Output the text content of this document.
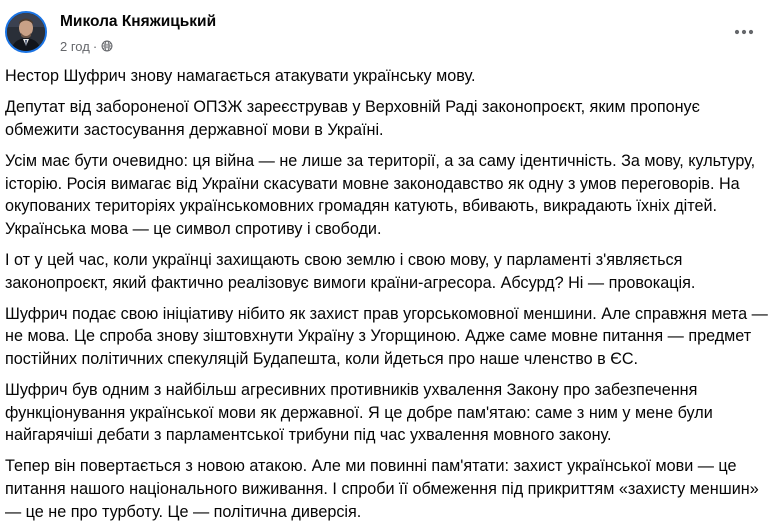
Микола Княжицький
2 год ·

Нестор Шуфрич знову намагається атакувати українську мову.

Депутат від забороненої ОПЗЖ зареєстрував у Верховній Раді законопроєкт, яким пропонує обмежити застосування державної мови в Україні.

Усім має бути очевидно: ця війна — не лише за території, а за саму ідентичність. За мову, культуру, історію. Росія вимагає від України скасувати мовне законодавство як одну з умов переговорів. На окупованих територіях українськомовних громадян катують, вбивають, викрадають їхніх дітей. Українська мова — це символ спротиву і свободи.

І от у цей час, коли українці захищають свою землю і свою мову, у парламенті з'являється законопроєкт, який фактично реалізовує вимоги країни-агресора. Абсурд? Ні — провокація.

Шуфрич подає свою ініціативу нібито як захист прав угорськомовної меншини. Але справжня мета — не мова. Це спроба знову зіштовхнути Україну з Угорщиною. Адже саме мовне питання — предмет постійних політичних спекуляцій Будапешта, коли йдеться про наше членство в ЄС.

Шуфрич був одним з найбільш агресивних противників ухвалення Закону про забезпечення функціонування української мови як державної. Я це добре пам'ятаю: саме з ним у мене були найгарячіші дебати з парламентської трибуни під час ухвалення мовного закону.

Тепер він повертається з новою атакою. Але ми повинні пам'ятати: захист української мови — це питання нашого національного виживання. І спроби її обмеження під прикриттям «захисту меншин» — це не про турботу. Це — політична диверсія.
